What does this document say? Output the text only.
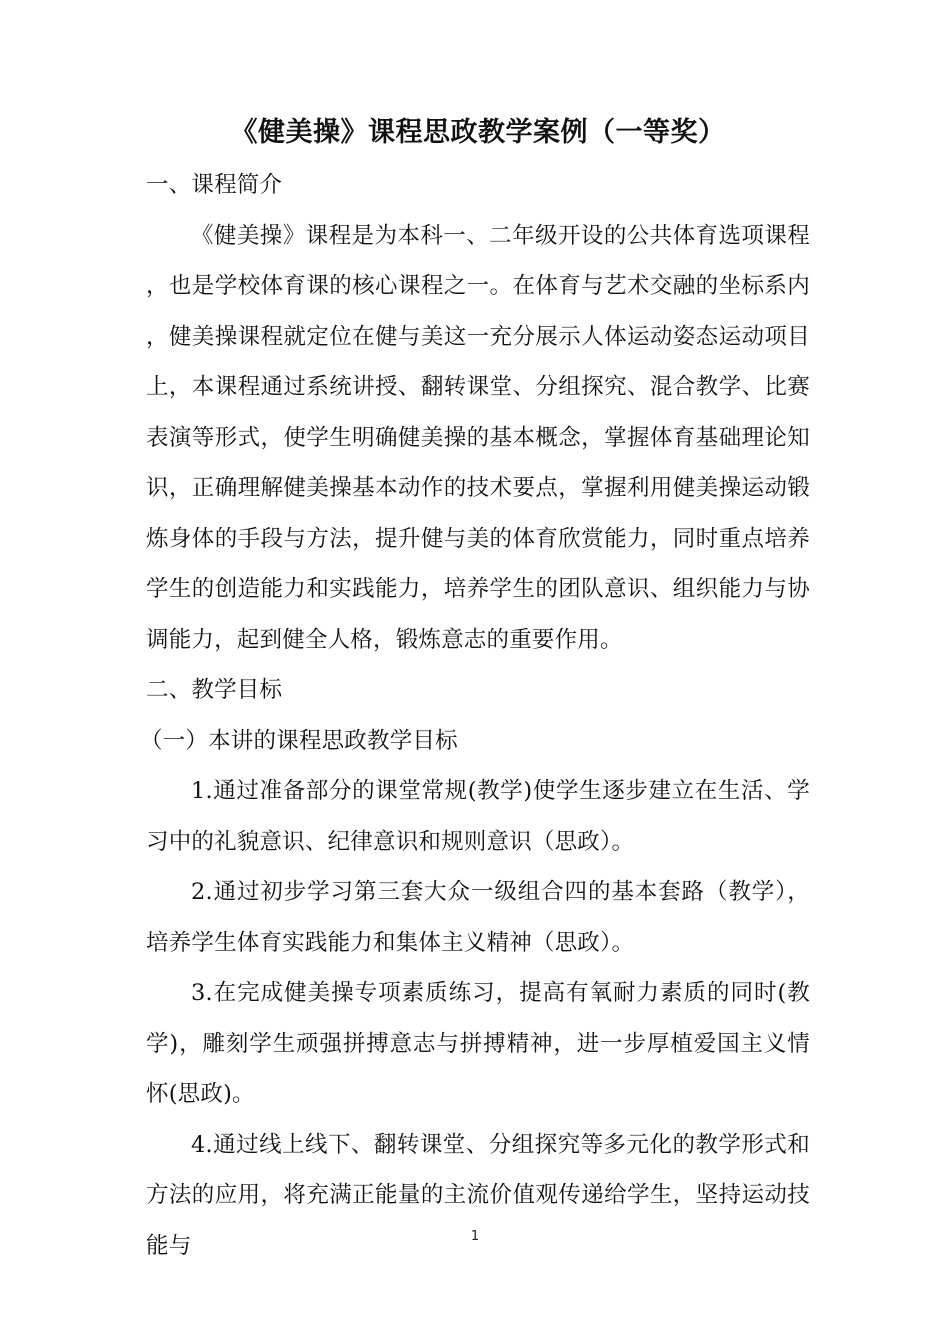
《健美操》课程思政教学案例（一等奖）
一、课程简介

《健美操》课程是为本科一、二年级开设的公共体育选项课程，也是学校体育课的核心课程之一。在体育与艺术交融的坐标系内，健美操课程就定位在健与美这一充分展示人体运动姿态运动项目上，本课程通过系统讲授、翻转课堂、分组探究、混合教学、比赛表演等形式，使学生明确健美操的基本概念，掌握体育基础理论知识，正确理解健美操基本动作的技术要点，掌握利用健美操运动锻炼身体的手段与方法，提升健与美的体育欣赏能力，同时重点培养学生的创造能力和实践能力，培养学生的团队意识、组织能力与协调能力，起到健全人格，锻炼意志的重要作用。

二、教学目标
（一）本讲的课程思政教学目标

1.通过准备部分的课堂常规(教学)使学生逐步建立在生活、学习中的礼貌意识、纪律意识和规则意识（思政）。

2.通过初步学习第三套大众一级组合四的基本套路（教学），培养学生体育实践能力和集体主义精神（思政）。

3.在完成健美操专项素质练习，提高有氧耐力素质的同时(教学)，雕刻学生顽强拼搏意志与拼搏精神，进一步厚植爱国主义情怀(思政)。

4.通过线上线下、翻转课堂、分组探究等多元化的教学形式和方法的应用，将充满正能量的主流价值观传递给学生，坚持运动技能与	1
